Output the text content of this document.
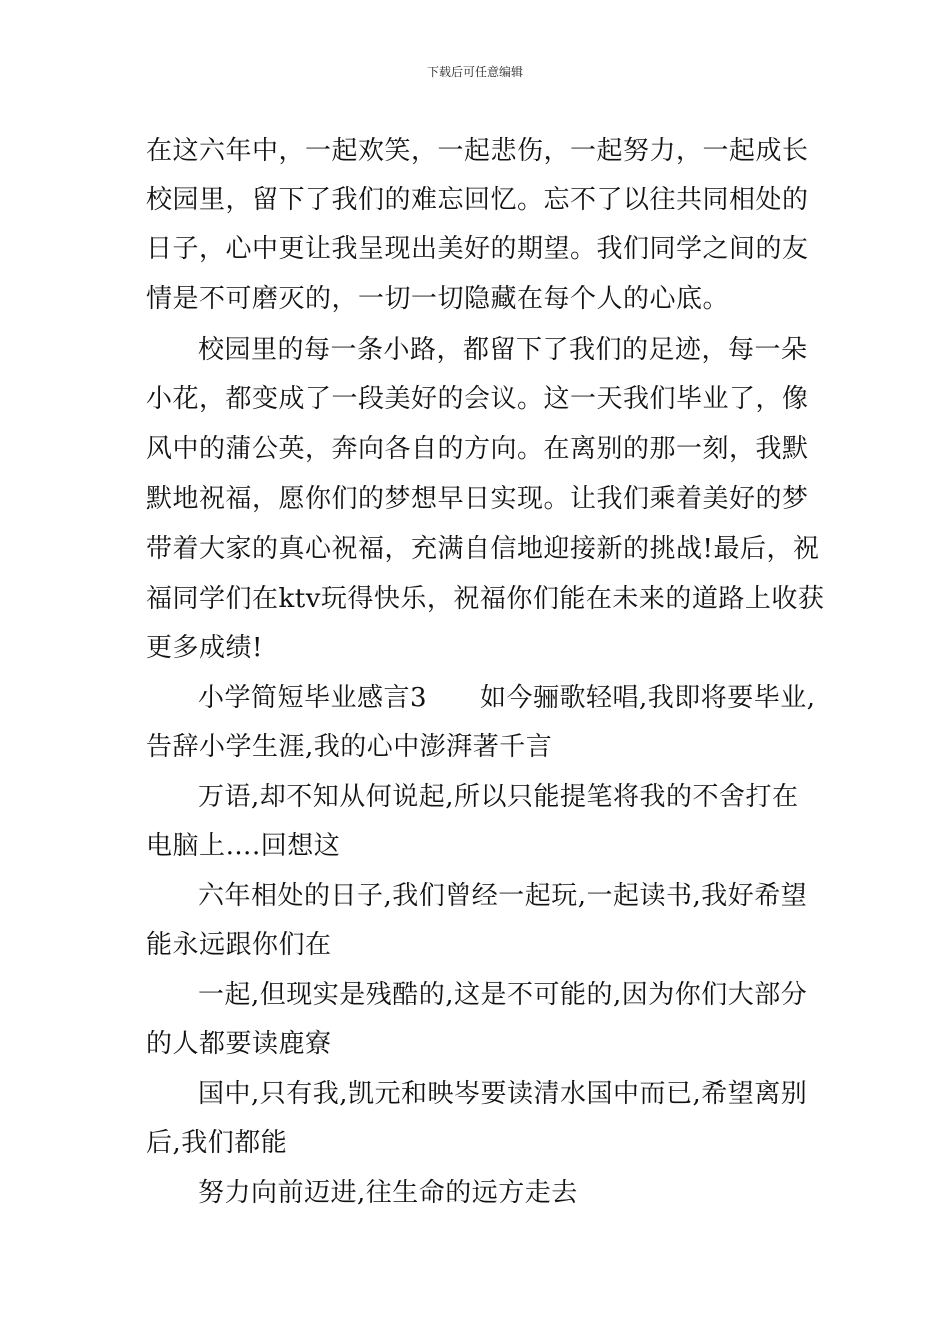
下载后可任意编辑
在这六年中，一起欢笑，一起悲伤，一起努力，一起成长
校园里，留下了我们的难忘回忆。忘不了以往共同相处的
日子，心中更让我呈现出美好的期望。我们同学之间的友
情是不可磨灭的，一切一切隐藏在每个人的心底。
校园里的每一条小路，都留下了我们的足迹，每一朵
小花，都变成了一段美好的会议。这一天我们毕业了，像
风中的蒲公英，奔向各自的方向。在离别的那一刻，我默
默地祝福，愿你们的梦想早日实现。让我们乘着美好的梦
带着大家的真心祝福，充满自信地迎接新的挑战!最后，祝
福同学们在ktv玩得快乐，祝福你们能在未来的道路上收获
更多成绩!
小学简短毕业感言3　　如今骊歌轻唱,我即将要毕业,
告辞小学生涯,我的心中澎湃著千言
万语,却不知从何说起,所以只能提笔将我的不舍打在
电脑上….回想这
六年相处的日子,我们曾经一起玩,一起读书,我好希望
能永远跟你们在
一起,但现实是残酷的,这是不可能的,因为你们大部分
的人都要读鹿寮
国中,只有我,凯元和映岑要读清水国中而已,希望离别
后,我们都能
努力向前迈进,往生命的远方走去
